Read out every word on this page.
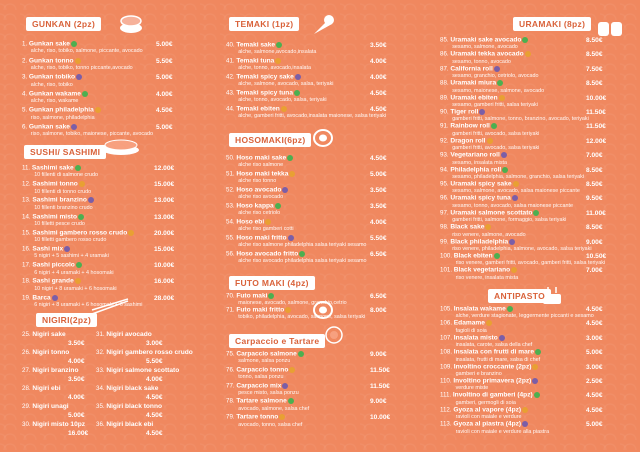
GUNKAN (2pz)
1. Gunkan sake
alche, riso, tobiko, salmone, piccante, avocado
5.00€
2. Gunkan tonno
alche, riso, tobiko, tonno piccante,avocado
5.50€
3. Gunkan tobiko
alche, riso, tobiko
5.00€
4. Gunkan wakame
alche, riso, wakame
4.00€
5. Gunkan philadelphia
riso, salmone, philadelphia
4.50€
6. Gunkan sake
riso, salmone, tobiko, maionese, piccante, avocado
5.00€
SUSHI/ SASHIMI
11. Sashimi sake
10 fillenti di salmone crudo
12.00€
12. Sashimi tonno
10 fillenti di tonno crudo
15.00€
13. Sashimi branzino
10 fillenti branzino crudo
13.00€
14. Sashimi misto
10 filletti pesce crudo
13.00€
15. Sashimi gambero rosso crudo
10 filletti gambero rosso crudo
20.00€
16. Sashi mix
5 nigiri + 5 sashimi + 4 uramaki
15.00€
17. Sashi piccolo
6 nigiri + 4 uramaki + 4 hosomaki
10.00€
18. Sashi grande
10 nigiri + 8 uramaki + 6 hosomaki
16.00€
19. Barca
6 nigiri + 8 uramaki + 6 hosomaki + 6 sashimi
28.00€
NIGIRI(2pz)
25. Nigiri sake
3.50€
26. Nigiri tonno
4.00€
27. Nigiri branzino
3.50€
28. Nigiri ebi
4.00€
29. Nigiri unagi
5.00€
30. Nigiri misto 10pz
16.00€
31. Nigiri avocado
3.00€
32. Nigiri gambero rosso crudo
5.50€
33. Nigiri salmone scottato
4.00€
34. Nigiri black sake
4.50€
35. Nigiri black tonno
4.50€
36. Nigiri black ebi
4.50€
TEMAKI (1pz)
40. Temaki sake
alche, salmone,avocado,insalata
3.50€
41. Temaki tuna
alche, tonno, avocado,insalata
4.00€
42. Temaki spicy sake
alche, salmone, avocado, salsa, teriyaki
4.00€
43. Temaki spicy tuna
alche, tonno, avocado, salsa, teriyaki
4.50€
44. Temaki ebiten
alche, gamberi fritti, avocado,insalata maionese, salsa teriyaki
4.50€
HOSOMAKI(6pz)
50. Hoso maki sake
alche riso salmone
4.50€
51. Hoso maki tekka
alche riso tonno
5.00€
52. Hoso avocado
alche riso avocado
3.50€
53. Hoso kappa
alche riso cetriolo
3.50€
54. Hoso ebi
alche riso gamberi cotti
4.00€
55. Hoso maki fritto
alche riso salmone philadelphia salsa teriyaki sesamo
5.50€
56. Hoso avocado fritto
alche riso avocado philadelphia salsa teriyaki sesamo
6.50€
FUTO MAKI (4pz)
70. Futo maki
maionese, avocado, salmone, granchio,cetrio
6.50€
71. Futo maki fritto
tobiko, philadelphia, avocado, salmone, salsa teriyaki
8.00€
Carpaccio e Tartare
75. Carpaccio salmone
salmone, salsa ponzu
9.00€
76. Carpaccio tonno
tonno, salsa ponzu
11.50€
77. Carpaccio mix
pesce misto, salsa ponzu
11.50€
78. Tartare salmone
avocado, salmone, salsa chef
9.00€
79. Tartare tonno
avocado, tonno, salsa chef
10.00€
URAMAKI (8pz)
85. Uramaki sake avocado
sesamo, salmone, avocado
8.50€
86. Uramaki tekka avocado
sesamo, tonno, avocado
8.50€
87. California roll
sesamo, granchio, cetriolo, avocado
7.50€
88. Uramaki miura
sesamo, maionese, salmone, avocado
8.50€
89. Uramaki ebiten
sesamo, gamberi fritti, salsa teriyaki
10.00€
90. Tiger roll
gamberi fritti, salmone, tonno, branzino, avocado, teriyaki
11.50€
91. Rainbow roll
gamberi fritti, avocado, salsa teriyaki
11.50€
92. Dragon roll
gamberi fritti, avocado, salsa teriyaki
12.00€
93. Vegetariano roll
sesamo, insalata mista
7.00€
94. Philadelphia roll
sesamo, philadelphia, salmone, granchio, salsa teriyaki
8.50€
95. Uramaki spicy sake
sesamo, salmone, avocado, salsa maionese piccante
8.50€
96. Uramaki spicy tuna
sesamo, tonno, avocado, salsa maionese piccante
9.50€
97. Uramaki salmone scottato
gamberi fritti, salmone, formaggio, salsa teriyaki
11.00€
98. Black sake
riso venere, salmone, avocado
8.50€
99. Black philadelphia
riso venere, philadelphia, salmone, avocado, salsa teriyaki
9.00€
100. Black ebiten
riso venere, gamberi fritti, avocado, gamberi fritti, salsa teriyaki
10.50€
101. Black vegetariano
riso venere, insalata mista
7.00€
ANTIPASTO
105. Insalata wakame
alche, verdure stagionate, leggermente piccanti e sesamo
4.50€
106. Edamame
fagioli di soia
4.50€
107. Insalata misto
insalata, carote, salsa della chef
3.00€
108. Insalata con frutti di mare
insalata, frutti di mare, salsa di chef
5.00€
109. Involtino croccante (2pz)
gamberi e branzino
3.00€
110. Involtino primavera (2pz)
verdure miste
2.50€
111. Involtino di gamberi (4pz)
gamberi, germogli di soia
4.50€
112. Gyoza al vapore (4pz)
ravioli con maiale e verdure
4.50€
113. Gyoza al piastra (4pz)
ravioli con maiale e verdure alla piastra
5.00€
